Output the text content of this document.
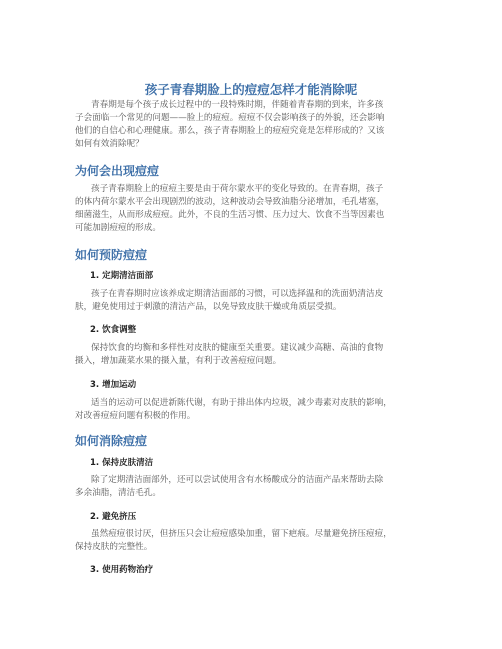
孩子青春期脸上的痘痘怎样才能消除呢
青春期是每个孩子成长过程中的一段特殊时期，伴随着青春期的到来，许多孩
子会面临一个常见的问题——脸上的痘痘。痘痘不仅会影响孩子的外貌，还会影响
他们的自信心和心理健康。那么，孩子青春期脸上的痘痘究竟是怎样形成的？又该
如何有效消除呢？
为何会出现痘痘
孩子青春期脸上的痘痘主要是由于荷尔蒙水平的变化导致的。在青春期，孩子
的体内荷尔蒙水平会出现剧烈的波动，这种波动会导致油脂分泌增加，毛孔堵塞，
细菌滋生，从而形成痘痘。此外，不良的生活习惯、压力过大、饮食不当等因素也
可能加剧痘痘的形成。
如何预防痘痘
1. 定期清洁面部
孩子在青春期时应该养成定期清洁面部的习惯，可以选择温和的洗面奶清洁皮
肤，避免使用过于刺激的清洁产品，以免导致皮肤干燥或角质层受损。
2. 饮食调整
保持饮食的均衡和多样性对皮肤的健康至关重要。建议减少高糖、高油的食物
摄入，增加蔬菜水果的摄入量，有利于改善痘痘问题。
3. 增加运动
适当的运动可以促进新陈代谢，有助于排出体内垃圾，减少毒素对皮肤的影响，
对改善痘痘问题有积极的作用。
如何消除痘痘
1. 保持皮肤清洁
除了定期清洁面部外，还可以尝试使用含有水杨酸成分的洁面产品来帮助去除
多余油脂，清洁毛孔。
2. 避免挤压
虽然痘痘很讨厌，但挤压只会让痘痘感染加重，留下疤痕。尽量避免挤压痘痘，
保持皮肤的完整性。
3. 使用药物治疗
